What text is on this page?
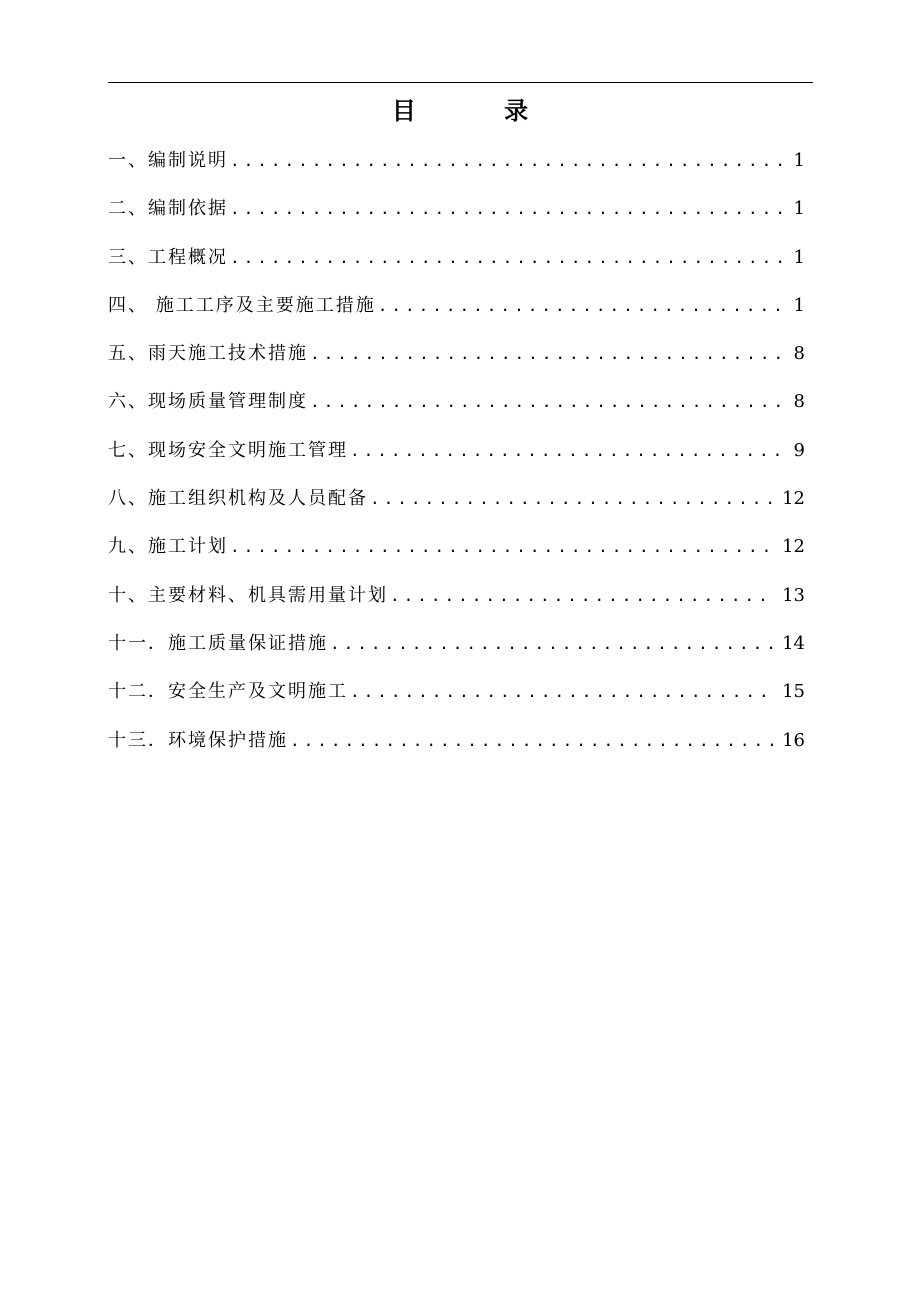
目 录
一、编制说明 .....	1
二、编制依据 .....	1
三、工程概况 .....	1
四、 施工工序及主要施工措施 .....	1
五、雨天施工技术措施 .....	8
六、现场质量管理制度 .....	8
七、现场安全文明施工管理 .....	9
八、施工组织机构及人员配备 .....	12
九、施工计划 .....	12
十、主要材料、机具需用量计划 .....	13
十一．施工质量保证措施 .....	14
十二．安全生产及文明施工 .....	15
十三．环境保护措施 .....	16
